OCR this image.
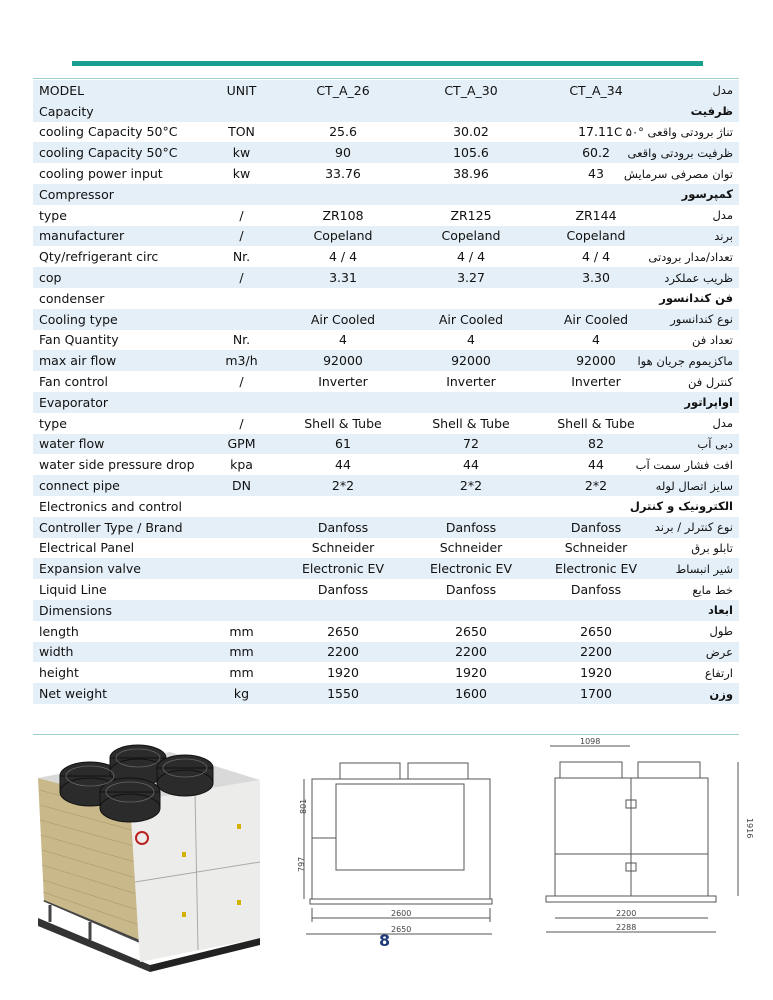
MODEL	UNIT	CT_A_26	CT_A_30	CT_A_34	مدل
Capacity					ظرفیت
cooling Capacity 50°C	TON	25.6	30.02	17.11	تناژ برودتی واقعی °C ۵۰
cooling Capacity 50°C	kw	90	105.6	60.2	ظرفیت برودتی واقعی
cooling power input	kw	33.76	38.96	43	توان مصرفی سرمایش
Compressor					کمپرسور
type	/	ZR108	ZR125	ZR144	مدل
manufacturer	/	Copeland	Copeland	Copeland	برند
Qty/refrigerant circ	Nr.	4 / 4	4 / 4	4 / 4	تعداد/مدار برودتی
cop	/	3.31	3.27	3.30	ظریب عملکرد
condenser					فن کندانسور
Cooling type		Air Cooled	Air Cooled	Air Cooled	نوع کندانسور
Fan Quantity	Nr.	4	4	4	تعداد فن
max air flow	m3/h	92000	92000	92000	ماکزیموم جریان هوا
Fan control	/	Inverter	Inverter	Inverter	کنترل فن
Evaporator					اواپراتور
type	/	Shell & Tube	Shell & Tube	Shell & Tube	مدل
water flow	GPM	61	72	82	دبی آب
water side pressure drop	kpa	44	44	44	افت فشار سمت آب
connect pipe	DN	2*2	2*2	2*2	سایز اتصال لوله
Electronics and control					الکترونیک و کنترل
Controller Type / Brand		Danfoss	Danfoss	Danfoss	نوع کنترلر / برند
Electrical Panel		Schneider	Schneider	Schneider	تابلو برق
Expansion valve		Electronic EV	Electronic EV	Electronic EV	شیر انبساط
Liquid Line		Danfoss	Danfoss	Danfoss	خط مایع
Dimensions					ابعاد
length	mm	2650	2650	2650	طول
width	mm	2200	2200	2200	عرض
height	mm	1920	1920	1920	ارتفاع
Net weight	kg	1550	1600	1700	وزن
801
797
2600
2650
1098
1916
2200
2288
8
